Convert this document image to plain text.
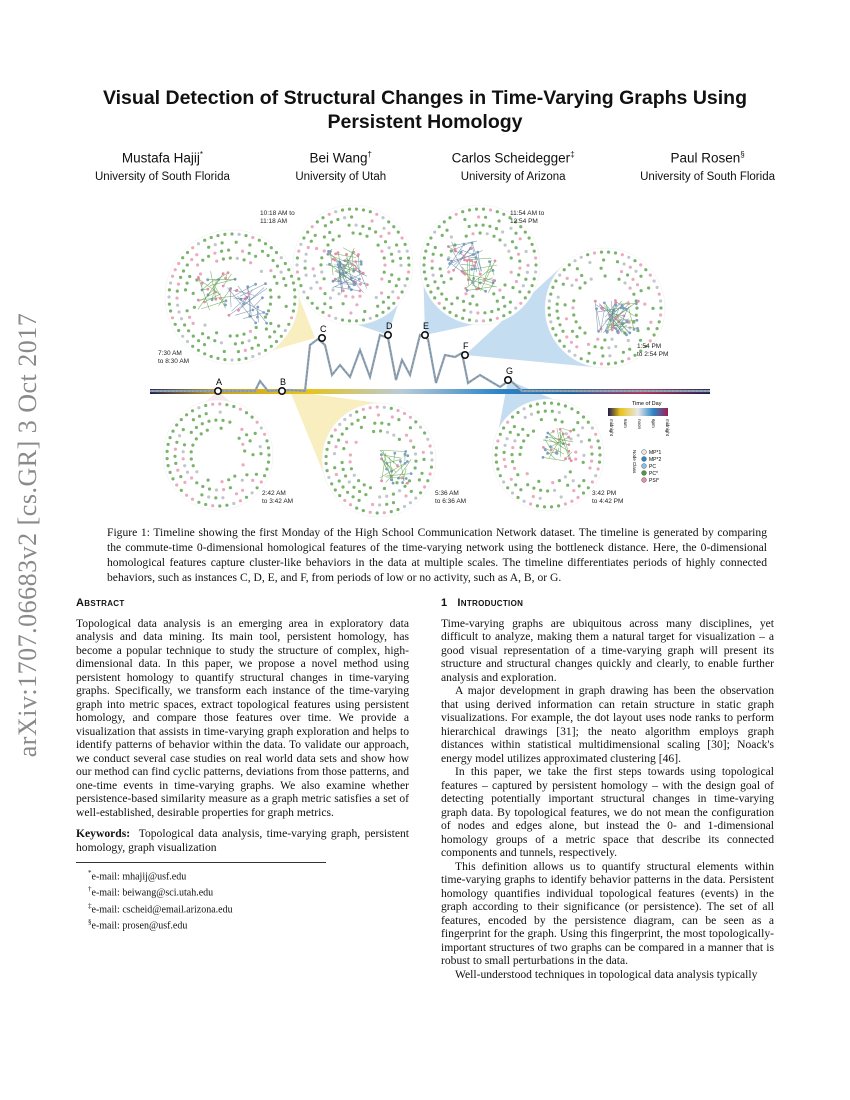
arXiv:1707.06683v2 [cs.GR] 3 Oct 2017
Visual Detection of Structural Changes in Time-Varying Graphs Using Persistent Homology
Mustafa Hajij*
University of South Florida
Bei Wang†
University of Utah
Carlos Scheidegger‡
University of Arizona
Paul Rosen§
University of South Florida
A	B
C	D	E
F
G
10:18 AM to
11:18 AM
11:54 AM to
12:54 PM
7:30 AM
to 8:30 AM
1:54 PM
to 2:54 PM
2:42 AM
to 3:42 AM
5:36 AM
to 6:36 AM
3:42 PM
to 4:42 PM
Time of Day
midnight 6am noon 6pm midnight
Node Class MP*1
MP*2
PC
PC*
PSI*

Figure 1: Timeline showing the first Monday of the High School Communication Network dataset. The timeline is generated by comparing the commute-time 0-dimensional homological features of the time-varying network using the bottleneck distance. Here, the 0-dimensional homological features capture cluster-like behaviors in the data at multiple scales. The timeline differentiates periods of highly connected behaviors, such as instances C, D, E, and F, from periods of low or no activity, such as A, B, or G.

Abstract

Topological data analysis is an emerging area in exploratory data analysis and data mining. Its main tool, persistent homology, has become a popular technique to study the structure of complex, high-dimensional data. In this paper, we propose a novel method using persistent homology to quantify structural changes in time-varying graphs. Specifically, we transform each instance of the time-varying graph into metric spaces, extract topological features using persistent homology, and compare those features over time. We provide a visualization that assists in time-varying graph exploration and helps to identify patterns of behavior within the data. To validate our approach, we conduct several case studies on real world data sets and show how our method can find cyclic patterns, deviations from those patterns, and one-time events in time-varying graphs. We also examine whether persistence-based similarity measure as a graph metric satisfies a set of well-established, desirable properties for graph metrics.

Keywords: Topological data analysis, time-varying graph, persistent homology, graph visualization

*e-mail: mhajij@usf.edu
†e-mail: beiwang@sci.utah.edu
‡e-mail: cscheid@email.arizona.edu
§e-mail: prosen@usf.edu
1 Introduction

Time-varying graphs are ubiquitous across many disciplines, yet difficult to analyze, making them a natural target for visualization – a good visual representation of a time-varying graph will present its structure and structural changes quickly and clearly, to enable further analysis and exploration.

A major development in graph drawing has been the observation that using derived information can retain structure in static graph visualizations. For example, the dot layout uses node ranks to perform hierarchical drawings [31]; the neato algorithm employs graph distances within statistical multidimensional scaling [30]; Noack's energy model utilizes approximated clustering [46].

In this paper, we take the first steps towards using topological features – captured by persistent homology – with the design goal of detecting potentially important structural changes in time-varying graph data. By topological features, we do not mean the configuration of nodes and edges alone, but instead the 0- and 1-dimensional homology groups of a metric space that describe its connected components and tunnels, respectively.

This definition allows us to quantify structural elements within time-varying graphs to identify behavior patterns in the data. Persistent homology quantifies individual topological features (events) in the graph according to their significance (or persistence). The set of all features, encoded by the persistence diagram, can be seen as a fingerprint for the graph. Using this fingerprint, the most topologically-important structures of two graphs can be compared in a manner that is robust to small perturbations in the data.

Well-understood techniques in topological data analysis typically
